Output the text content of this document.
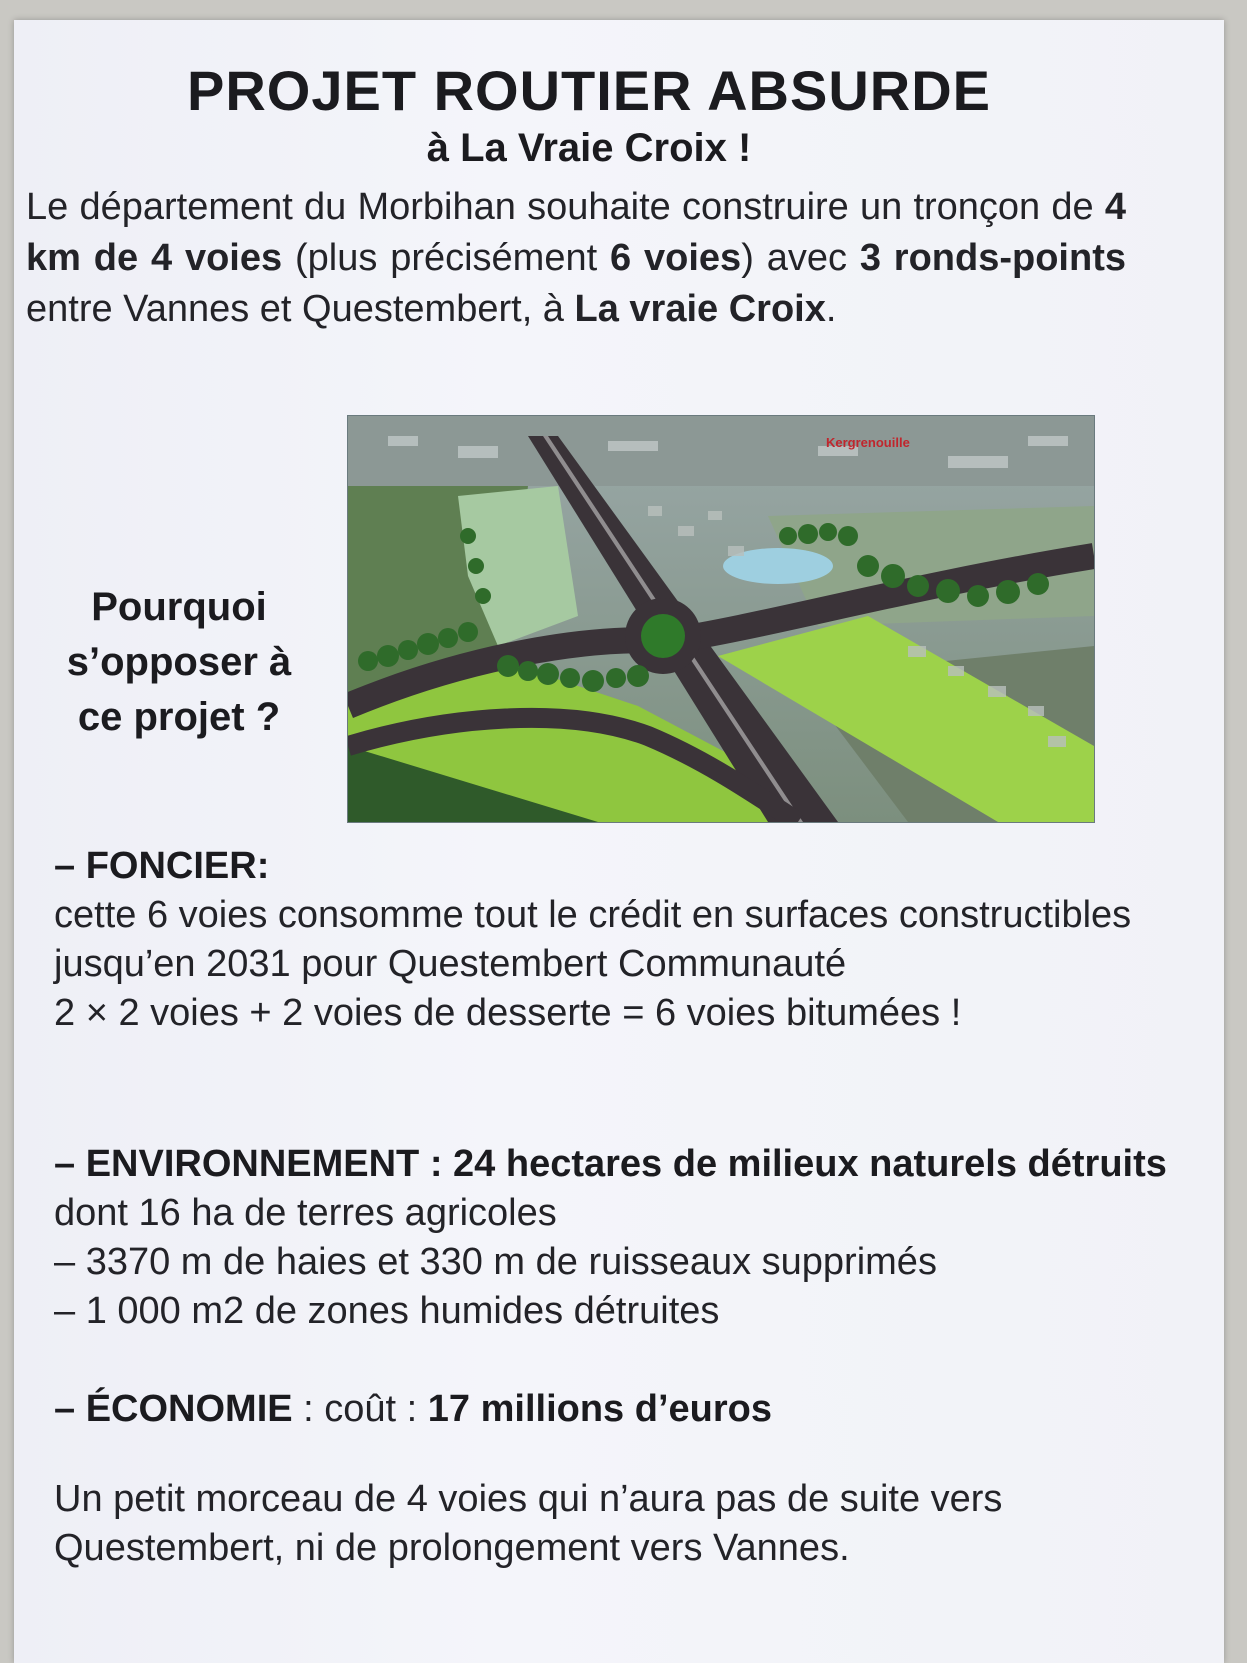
PROJET ROUTIER ABSURDE
à La Vraie Croix !
Le département du Morbihan souhaite construire un tronçon de 4 km de 4 voies (plus précisément 6 voies) avec 3 ronds-points entre Vannes et Questembert, à La vraie Croix.
Pourquoi s’opposer à ce projet ?
Kergrenouille
– FONCIER:
cette 6 voies consomme tout le crédit en surfaces constructibles jusqu’en 2031 pour Questembert Communauté
2 × 2 voies + 2 voies de desserte = 6 voies bitumées !
– ENVIRONNEMENT : 24 hectares de milieux naturels détruits dont 16 ha de terres agricoles
– 3370 m de haies et 330 m de ruisseaux supprimés
– 1 000 m2 de zones humides détruites
– ÉCONOMIE : coût : 17 millions d’euros
Un petit morceau de 4 voies qui n’aura pas de suite vers Questembert, ni de prolongement vers Vannes.
